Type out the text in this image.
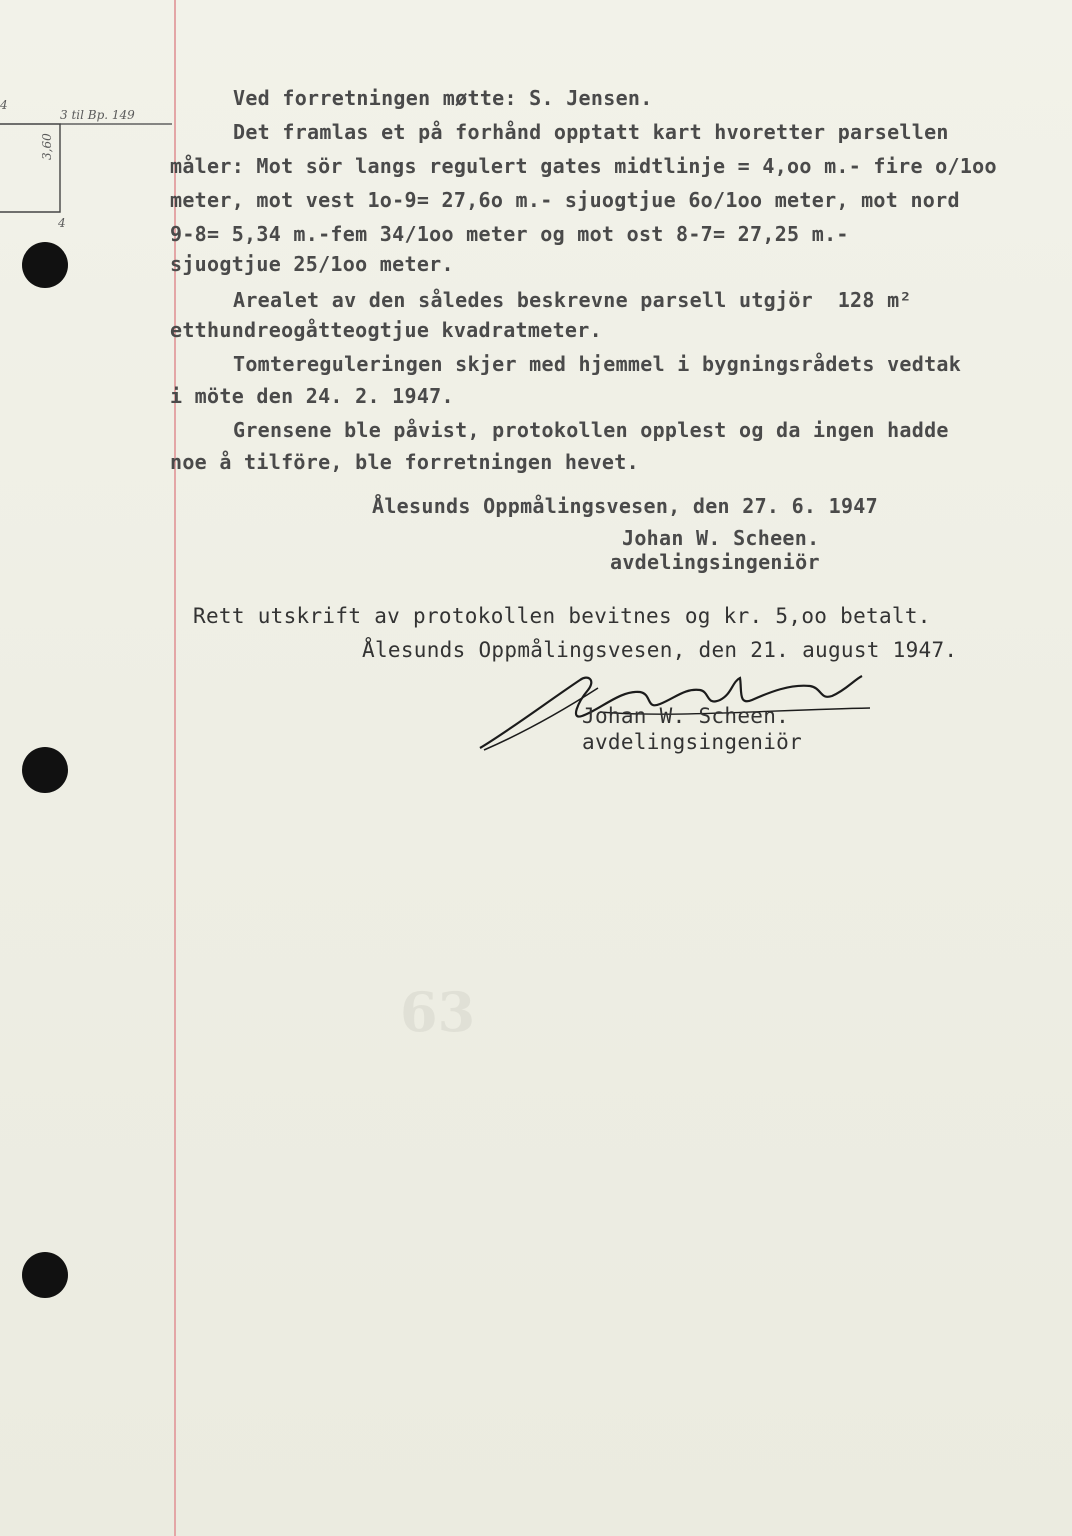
4
3 til Bp. 149
3,60
4
63
Ved forretningen møtte: S. Jensen.
Det framlas et på forhånd opptatt kart hvoretter parsellen
måler: Mot sör langs regulert gates midtlinje = 4,oo m.- fire o/1oo
meter, mot vest 1o-9= 27,6o m.- sjuogtjue 6o/1oo meter, mot nord
9-8= 5,34 m.-fem 34/1oo meter og mot ost 8-7= 27,25 m.-
sjuogtjue 25/1oo meter.
Arealet av den således beskrevne parsell utgjör  128 m²
etthundreogåtteogtjue kvadratmeter.
Tomtereguleringen skjer med hjemmel i bygningsrådets vedtak
i möte den 24. 2. 1947.
Grensene ble påvist, protokollen opplest og da ingen hadde
noe å tilföre, ble forretningen hevet.
Ålesunds Oppmålingsvesen, den 27. 6. 1947
Johan W. Scheen.
avdelingsingeniör
Rett utskrift av protokollen bevitnes og kr. 5,oo betalt.
Ålesunds Oppmålingsvesen, den 21. august 1947.
Johan W. Scheen.
avdelingsingeniör
